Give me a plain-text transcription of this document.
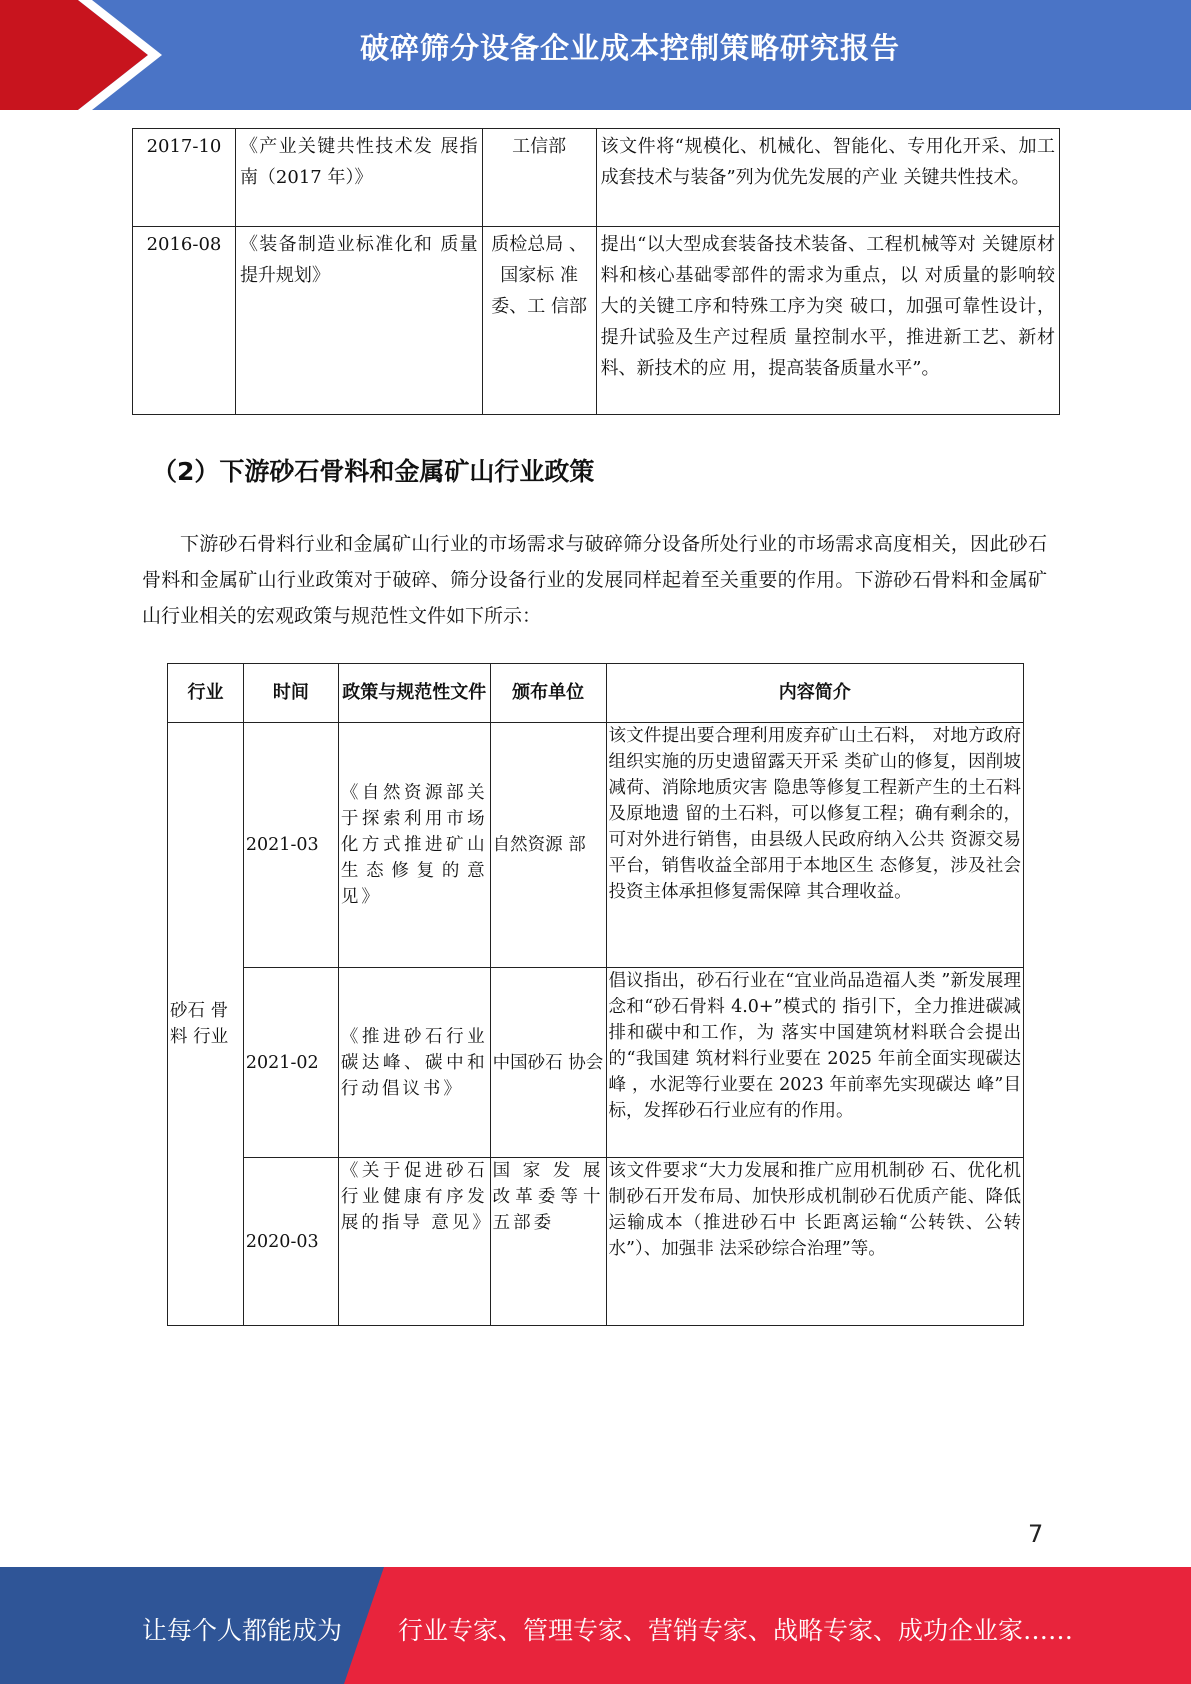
破碎筛分设备企业成本控制策略研究报告
2017-10	《产业关键共性技术发 展指南（2017 年）》	工信部	该文件将“规模化、机械化、智能化、专用化开采、加工成套技术与装备”列为优先发展的产业 关键共性技术。
2016-08	《装备制造业标准化和 质量提升规划》	质检总局 、国家标 准委、工 信部	提出“以大型成套装备技术装备、工程机械等对 关键原材料和核心基础零部件的需求为重点，以 对质量的影响较大的关键工序和特殊工序为突 破口，加强可靠性设计，提升试验及生产过程质 量控制水平，推进新工艺、新材料、新技术的应 用，提高装备质量水平”。
（2）下游砂石骨料和金属矿山行业政策
下游砂石骨料行业和金属矿山行业的市场需求与破碎筛分设备所处行业的市场需求高度相关，因此砂石骨料和金属矿山行业政策对于破碎、筛分设备行业的发展同样起着至关重要的作用。下游砂石骨料和金属矿山行业相关的宏观政策与规范性文件如下所示：
行业	时间	政策与规范性文件	颁布单位	内容简介
砂石 骨料 行业	2021-03	《自然资源部关于探索利用市场化方式推进矿山生态修复的意见》	自然资源 部	该文件提出要合理利用废弃矿山土石料， 对地方政府组织实施的历史遗留露天开采 类矿山的修复，因削坡减荷、消除地质灾害 隐患等修复工程新产生的土石料及原地遗 留的土石料，可以修复工程；确有剩余的， 可对外进行销售，由县级人民政府纳入公共 资源交易平台，销售收益全部用于本地区生 态修复，涉及社会投资主体承担修复需保障 其合理收益。
	2021-02	《推进砂石行业碳达峰、碳中和行动倡议书》	中国砂石 协会	倡议指出，砂石行业在“宜业尚品造福人类 ”新发展理念和“砂石骨料 4.0+”模式的 指引下，全力推进碳减排和碳中和工作，为 落实中国建筑材料联合会提出的“我国建 筑材料行业要在 2025 年前全面实现碳达峰 ，水泥等行业要在 2023 年前率先实现碳达 峰”目标，发挥砂石行业应有的作用。
	2020-03	《关于促进砂石行业健康有序发展的指导 意见》	国家发展 改革委等十五部委	该文件要求“大力发展和推广应用机制砂 石、优化机制砂石开发布局、加快形成机制砂石优质产能、降低运输成本（推进砂石中 长距离运输“公转铁、公转水”）、加强非 法采砂综合治理”等。
7
让每个人都能成为 行业专家、管理专家、营销专家、战略专家、成功企业家……
